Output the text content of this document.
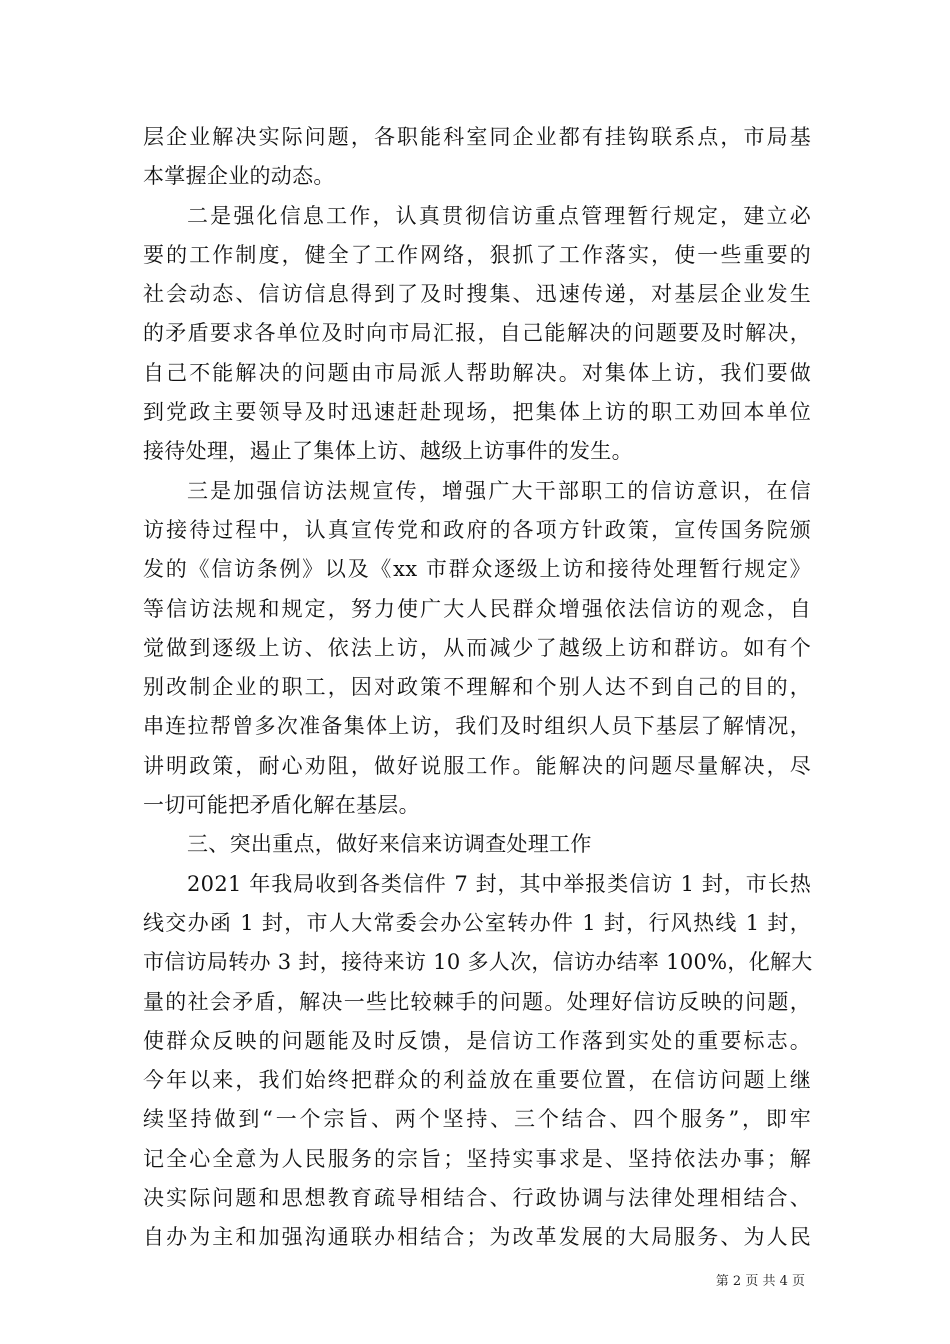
层企业解决实际问题，各职能科室同企业都有挂钩联系点，市局基
本掌握企业的动态。
二是强化信息工作，认真贯彻信访重点管理暂行规定，建立必
要的工作制度，健全了工作网络，狠抓了工作落实，使一些重要的
社会动态、信访信息得到了及时搜集、迅速传递，对基层企业发生
的矛盾要求各单位及时向市局汇报，自己能解决的问题要及时解决，
自己不能解决的问题由市局派人帮助解决。对集体上访，我们要做
到党政主要领导及时迅速赶赴现场，把集体上访的职工劝回本单位
接待处理，遏止了集体上访、越级上访事件的发生。
三是加强信访法规宣传，增强广大干部职工的信访意识，在信
访接待过程中，认真宣传党和政府的各项方针政策，宣传国务院颁
发的《信访条例》以及《xx 市群众逐级上访和接待处理暂行规定》
等信访法规和规定，努力使广大人民群众增强依法信访的观念，自
觉做到逐级上访、依法上访，从而减少了越级上访和群访。如有个
别改制企业的职工，因对政策不理解和个别人达不到自己的目的，
串连拉帮曾多次准备集体上访，我们及时组织人员下基层了解情况，
讲明政策，耐心劝阻，做好说服工作。能解决的问题尽量解决，尽
一切可能把矛盾化解在基层。
三、突出重点，做好来信来访调查处理工作
2021 年我局收到各类信件 7 封，其中举报类信访 1 封，市长热
线交办函 1 封，市人大常委会办公室转办件 1 封，行风热线 1 封，
市信访局转办 3 封，接待来访 10 多人次，信访办结率 100%，化解大
量的社会矛盾，解决一些比较棘手的问题。处理好信访反映的问题，
使群众反映的问题能及时反馈，是信访工作落到实处的重要标志。
今年以来，我们始终把群众的利益放在重要位置，在信访问题上继
续坚持做到“一个宗旨、两个坚持、三个结合、四个服务”，即牢
记全心全意为人民服务的宗旨；坚持实事求是、坚持依法办事；解
决实际问题和思想教育疏导相结合、行政协调与法律处理相结合、
自办为主和加强沟通联办相结合；为改革发展的大局服务、为人民
第 2 页 共 4 页
